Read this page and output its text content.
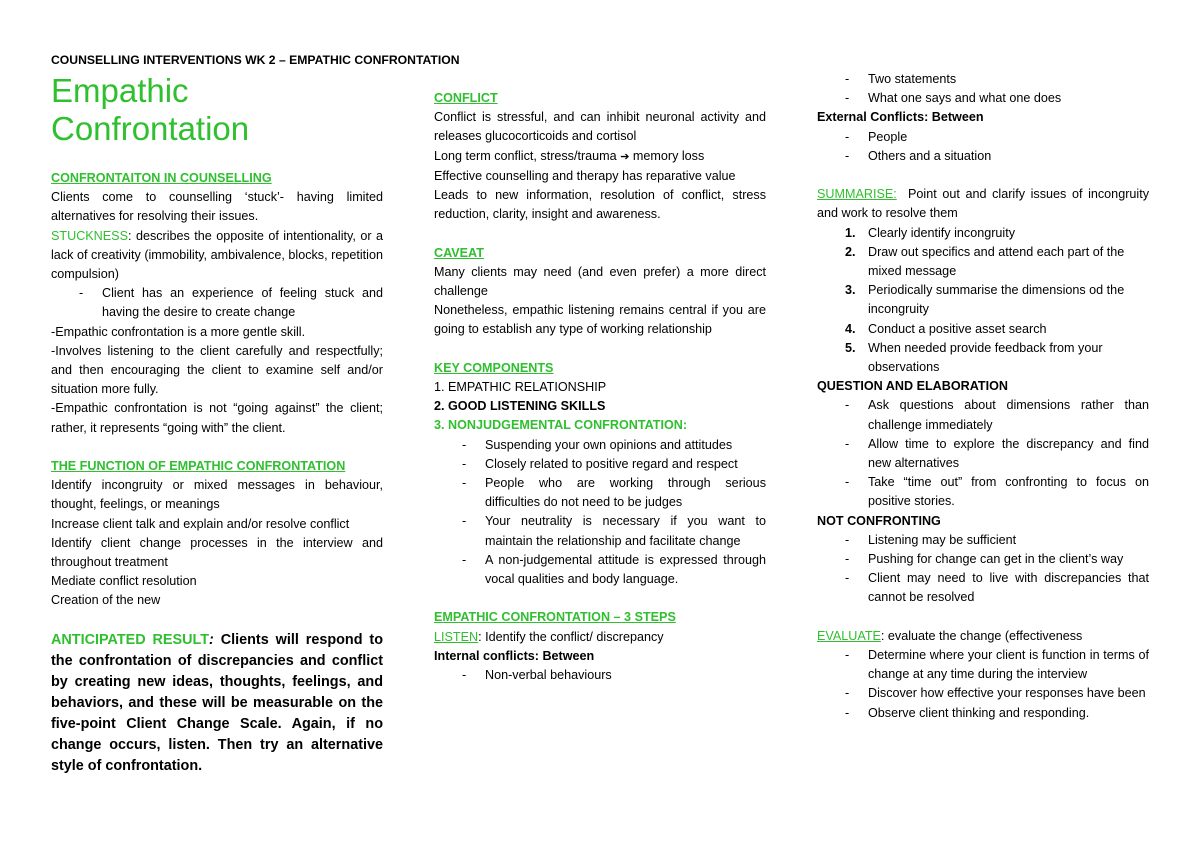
COUNSELLING INTERVENTIONS WK 2 – EMPATHIC CONFRONTATION
Empathic
Confrontation

CONFRONTAITON IN COUNSELLING

Clients come to counselling ‘stuck’- having limited alternatives for resolving their issues.

STUCKNESS: describes the opposite of intentionality, or a lack of creativity (immobility, ambivalence, blocks, repetition compulsion)

- Client has an experience of feeling stuck and having the desire to create change

-Empathic confrontation is a more gentle skill.

-Involves listening to the client carefully and respectfully; and then encouraging the client to examine self and/or situation more fully.

-Empathic confrontation is not “going against” the client; rather, it represents “going with” the client.

THE FUNCTION OF EMPATHIC CONFRONTATION

Identify incongruity or mixed messages in behaviour, thought, feelings, or meanings

Increase client talk and explain and/or resolve conflict

Identify client change processes in the interview and throughout treatment

Mediate conflict resolution

Creation of the new

ANTICIPATED RESULT: Clients will respond to the confrontation of discrepancies and conflict by creating new ideas, thoughts, feelings, and behaviors, and these will be measurable on the five-point Client Change Scale. Again, if no change occurs, listen. Then try an alternative style of confrontation.

CONFLICT

Conflict is stressful, and can inhibit neuronal activity and releases glucocorticoids and cortisol

Long term conflict, stress/trauma ➔ memory loss

Effective counselling and therapy has reparative value

Leads to new information, resolution of conflict, stress reduction, clarity, insight and awareness.

CAVEAT

Many clients may need (and even prefer) a more direct challenge

Nonetheless, empathic listening remains central if you are going to establish any type of working relationship

KEY COMPONENTS

1. EMPATHIC RELATIONSHIP

2. GOOD LISTENING SKILLS

3. NONJUDGEMENTAL CONFRONTATION:

- Suspending your own opinions and attitudes
- Closely related to positive regard and respect
- People who are working through serious difficulties do not need to be judges
- Your neutrality is necessary if you want to maintain the relationship and facilitate change
- A non-judgemental attitude is expressed through vocal qualities and body language.

EMPATHIC CONFRONTATION – 3 STEPS

LISTEN: Identify the conflict/ discrepancy

Internal conflicts: Between

- Non-verbal behaviours
- Two statements
- What one says and what one does

External Conflicts: Between

- People
- Others and a situation

SUMMARISE:  Point out and clarify issues of incongruity and work to resolve them

1. Clearly identify incongruity
2. Draw out specifics and attend each part of the mixed message
3. Periodically summarise the dimensions od the incongruity
4. Conduct a positive asset search
5. When needed provide feedback from your observations

QUESTION AND ELABORATION

- Ask questions about dimensions rather than challenge immediately
- Allow time to explore the discrepancy and find new alternatives
- Take “time out” from confronting to focus on positive stories.

NOT CONFRONTING

- Listening may be sufficient
- Pushing for change can get in the client’s way
- Client may need to live with discrepancies that cannot be resolved

EVALUATE: evaluate the change (effectiveness

- Determine where your client is function in terms of change at any time during the interview
- Discover how effective your responses have been
- Observe client thinking and responding.
